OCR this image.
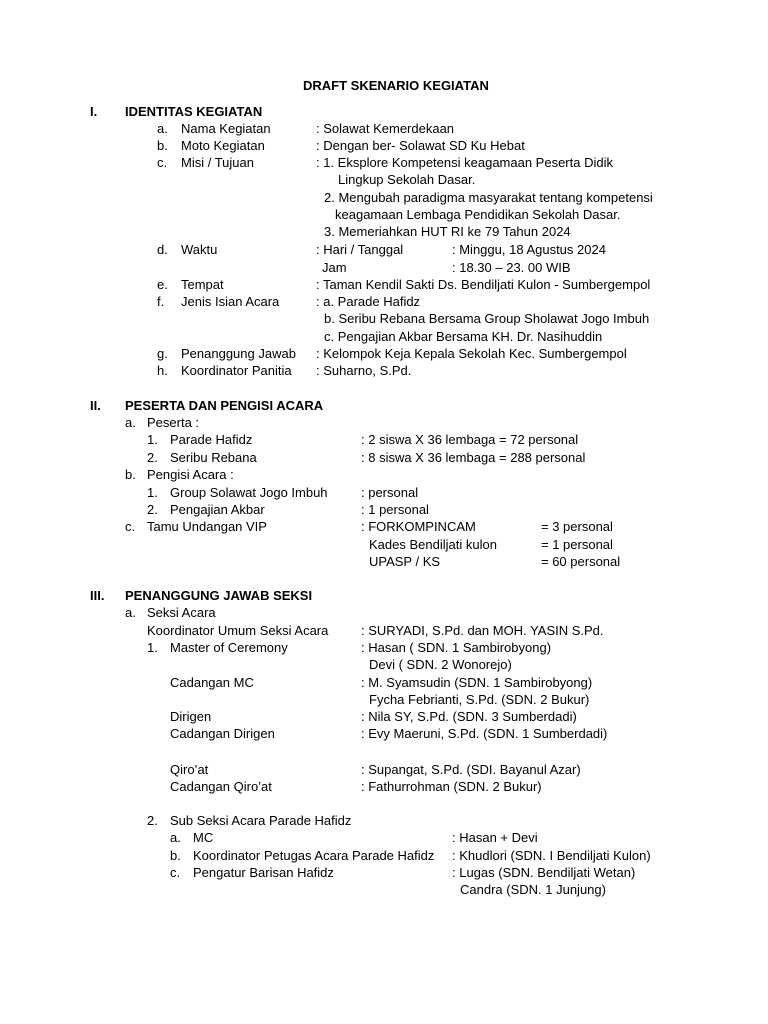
DRAFT SKENARIO KEGIATAN
I. IDENTITAS KEGIATAN
a. Nama Kegiatan	: Solawat Kemerdekaan
b. Moto Kegiatan	: Dengan ber- Solawat SD Ku Hebat
c. Misi / Tujuan	: 1. Eksplore Kompetensi keagamaan Peserta Didik
Lingkup Sekolah Dasar.
2. Mengubah paradigma masyarakat tentang kompetensi
keagamaan Lembaga Pendidikan Sekolah Dasar.
3. Memeriahkan HUT RI ke 79 Tahun 2024
d. Waktu	: Hari / Tanggal	: Minggu, 18 Agustus 2024
Jam	: 18.30 – 23. 00 WIB
e. Tempat	: Taman Kendil Sakti Ds. Bendiljati Kulon - Sumbergempol
f. Jenis Isian Acara	: a. Parade Hafidz
b. Seribu Rebana Bersama Group Sholawat Jogo Imbuh
c. Pengajian Akbar Bersama KH. Dr. Nasihuddin
g. Penanggung Jawab : Kelompok Keja Kepala Sekolah Kec. Sumbergempol
h. Koordinator Panitia : Suharno, S.Pd.
II. PESERTA DAN PENGISI ACARA
a. Peserta :
1. Parade Hafidz	: 2 siswa X 36 lembaga = 72 personal
2. Seribu Rebana	: 8 siswa X 36 lembaga = 288 personal
b. Pengisi Acara :
1. Group Solawat Jogo Imbuh	: personal
2. Pengajian Akbar	: 1 personal
c. Tamu Undangan VIP	: FORKOMPINCAM	= 3 personal
Kades Bendiljati kulon	= 1 personal
UPASP / KS	= 60 personal
III. PENANGGUNG JAWAB SEKSI
a. Seksi Acara
Koordinator Umum Seksi Acara	: SURYADI, S.Pd. dan MOH. YASIN S.Pd.
1. Master of Ceremony	: Hasan ( SDN. 1 Sambirobyong)
Devi ( SDN. 2 Wonorejo)
Cadangan MC	: M. Syamsudin (SDN. 1 Sambirobyong)
Fycha Febrianti, S.Pd. (SDN. 2 Bukur)
Dirigen	: Nila SY, S.Pd. (SDN. 3 Sumberdadi)
Cadangan Dirigen	: Evy Maeruni, S.Pd. (SDN. 1 Sumberdadi)
Qiro’at	: Supangat, S.Pd. (SDI. Bayanul Azar)
Cadangan Qiro’at	: Fathurrohman (SDN. 2 Bukur)
2. Sub Seksi Acara Parade Hafidz
a. MC	: Hasan + Devi
b. Koordinator Petugas Acara Parade Hafidz : Khudlori (SDN. I Bendiljati Kulon)
c. Pengatur Barisan Hafidz	: Lugas (SDN. Bendiljati Wetan)
Candra (SDN. 1 Junjung)
